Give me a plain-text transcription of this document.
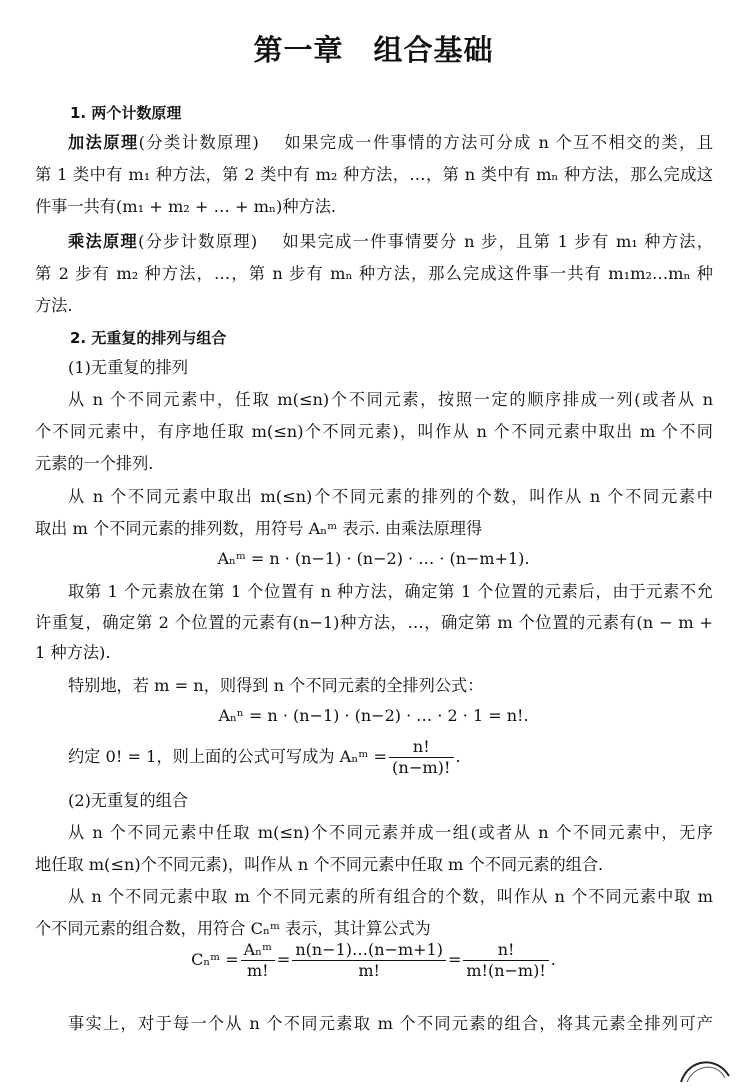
第一章 组合基础
1. 两个计数原理
加法原理(分类计数原理)　 如果完成一件事情的方法可分成 n 个互不相交的类，且
第 1 类中有 m₁ 种方法，第 2 类中有 m₂ 种方法，…，第 n 类中有 mₙ 种方法，那么完成这
件事一共有(m₁ + m₂ + … + mₙ)种方法.
乘法原理(分步计数原理)　 如果完成一件事情要分 n 步，且第 1 步有 m₁ 种方法，
第 2 步有 m₂ 种方法，…，第 n 步有 mₙ 种方法，那么完成这件事一共有 m₁m₂…mₙ 种
方法.
2. 无重复的排列与组合
(1)无重复的排列
从 n 个不同元素中，任取 m(≤n)个不同元素，按照一定的顺序排成一列(或者从 n
个不同元素中，有序地任取 m(≤n)个不同元素)，叫作从 n 个不同元素中取出 m 个不同
元素的一个排列.
从 n 个不同元素中取出 m(≤n)个不同元素的排列的个数，叫作从 n 个不同元素中
取出 m 个不同元素的排列数，用符号 Aₙᵐ 表示. 由乘法原理得
Aₙᵐ = n · (n−1) · (n−2) · … · (n−m+1).
取第 1 个元素放在第 1 个位置有 n 种方法，确定第 1 个位置的元素后，由于元素不允
许重复，确定第 2 个位置的元素有(n−1)种方法，…，确定第 m 个位置的元素有(n − m +
1 种方法).
特别地，若 m = n，则得到 n 个不同元素的全排列公式：
Aₙⁿ = n · (n−1) · (n−2) · … · 2 · 1 = n!.
约定 0! = 1，则上面的公式可写成为 Aₙᵐ = $\frac{n!}{(n-m)!}$ .
(2)无重复的组合
从 n 个不同元素中任取 m(≤n)个不同元素并成一组(或者从 n 个不同元素中，无序
地任取 m(≤n)个不同元素)，叫作从 n 个不同元素中任取 m 个不同元素的组合.
从 n 个不同元素中取 m 个不同元素的所有组合的个数，叫作从 n 个不同元素中取 m
个不同元素的组合数，用符合 Cₙᵐ 表示，其计算公式为
Cₙᵐ = $\frac{\text{Aₙᵐ}}{m!} = \frac{n(n-1)\dots(n-m+1)}{m!} = \frac{n!}{m!(n-m)!}$ .
事实上，对于每一个从 n 个不同元素取 m 个不同元素的组合，将其元素全排列可产
